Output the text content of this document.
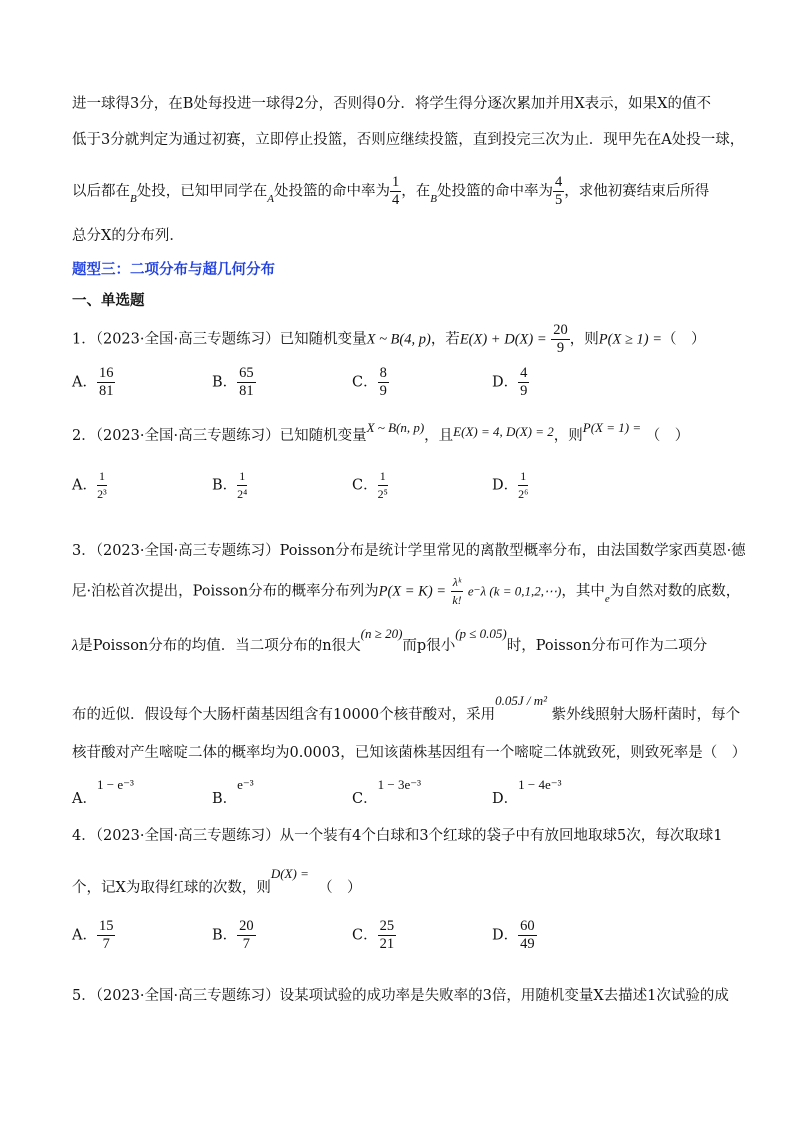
进一球得3分，在B处每投进一球得2分，否则得0分．将学生得分逐次累加并用X表示，如果X的值不
低于3分就判定为通过初赛，立即停止投篮，否则应继续投篮，直到投完三次为止．现甲先在A处投一球，
以后都在$_B$处投，已知甲同学在$_A$处投篮的命中率为 $\frac{1}{4}$ ，在$_B$处投篮的命中率为 $\frac{4}{5}$ ，求他初赛结束后所得
总分X的分布列．
题型三：二项分布与超几何分布
一、单选题
1．（2023·全国·高三专题练习）已知随机变量X ~ B(4, p)，若$E(X) + D(X) = \frac{20}{9}$ ，则P(X ≥ 1) =（　）
A． $\frac{16}{81}$	B． $\frac{65}{81}$	C． $\frac{8}{9}$	D． $\frac{4}{9}$
2．（2023·全国·高三专题练习）已知随机变量X ~ B(n, p)，且E(X) = 4, D(X) = 2，则P(X = 1) = （　）
A． $\frac{1}{\text{2³}}$	B． $\frac{1}{\text{2⁴}}$	C． $\frac{1}{\text{2⁵}}$	D． $\frac{1}{\text{2⁶}}$
3．（2023·全国·高三专题练习）Poisson分布是统计学里常见的离散型概率分布，由法国数学家西莫恩·德
尼·泊松首次提出，Poisson分布的概率分布列为$P(X = K) = \frac{\text{λᵏ}}{k!} e^-\lambda$ (k = 0,1,2,⋯)，其中$_e$为自然对数的底数，
λ是Poisson分布的均值．当二项分布的n很大(n ≥ 20)而p很小(p ≤ 0.05)时，Poisson分布可作为二项分
布的近似．假设每个大肠杆菌基因组含有10000个核苷酸对，采用0.05J / m² 紫外线照射大肠杆菌时，每个
核苷酸对产生嘧啶二体的概率均为0.0003，已知该菌株基因组有一个嘧啶二体就致死，则致死率是（　）
A．1 − e⁻³
B．e⁻³
C．1 − 3e⁻³
D．1 − 4e⁻³
4．（2023·全国·高三专题练习）从一个装有4个白球和3个红球的袋子中有放回地取球5次，每次取球1
个，记X为取得红球的次数，则D(X) =  （　）
A． $\frac{15}{7}$	B． $\frac{20}{7}$	C． $\frac{25}{21}$	D． $\frac{60}{49}$
5．（2023·全国·高三专题练习）设某项试验的成功率是失败率的3倍，用随机变量X去描述1次试验的成
